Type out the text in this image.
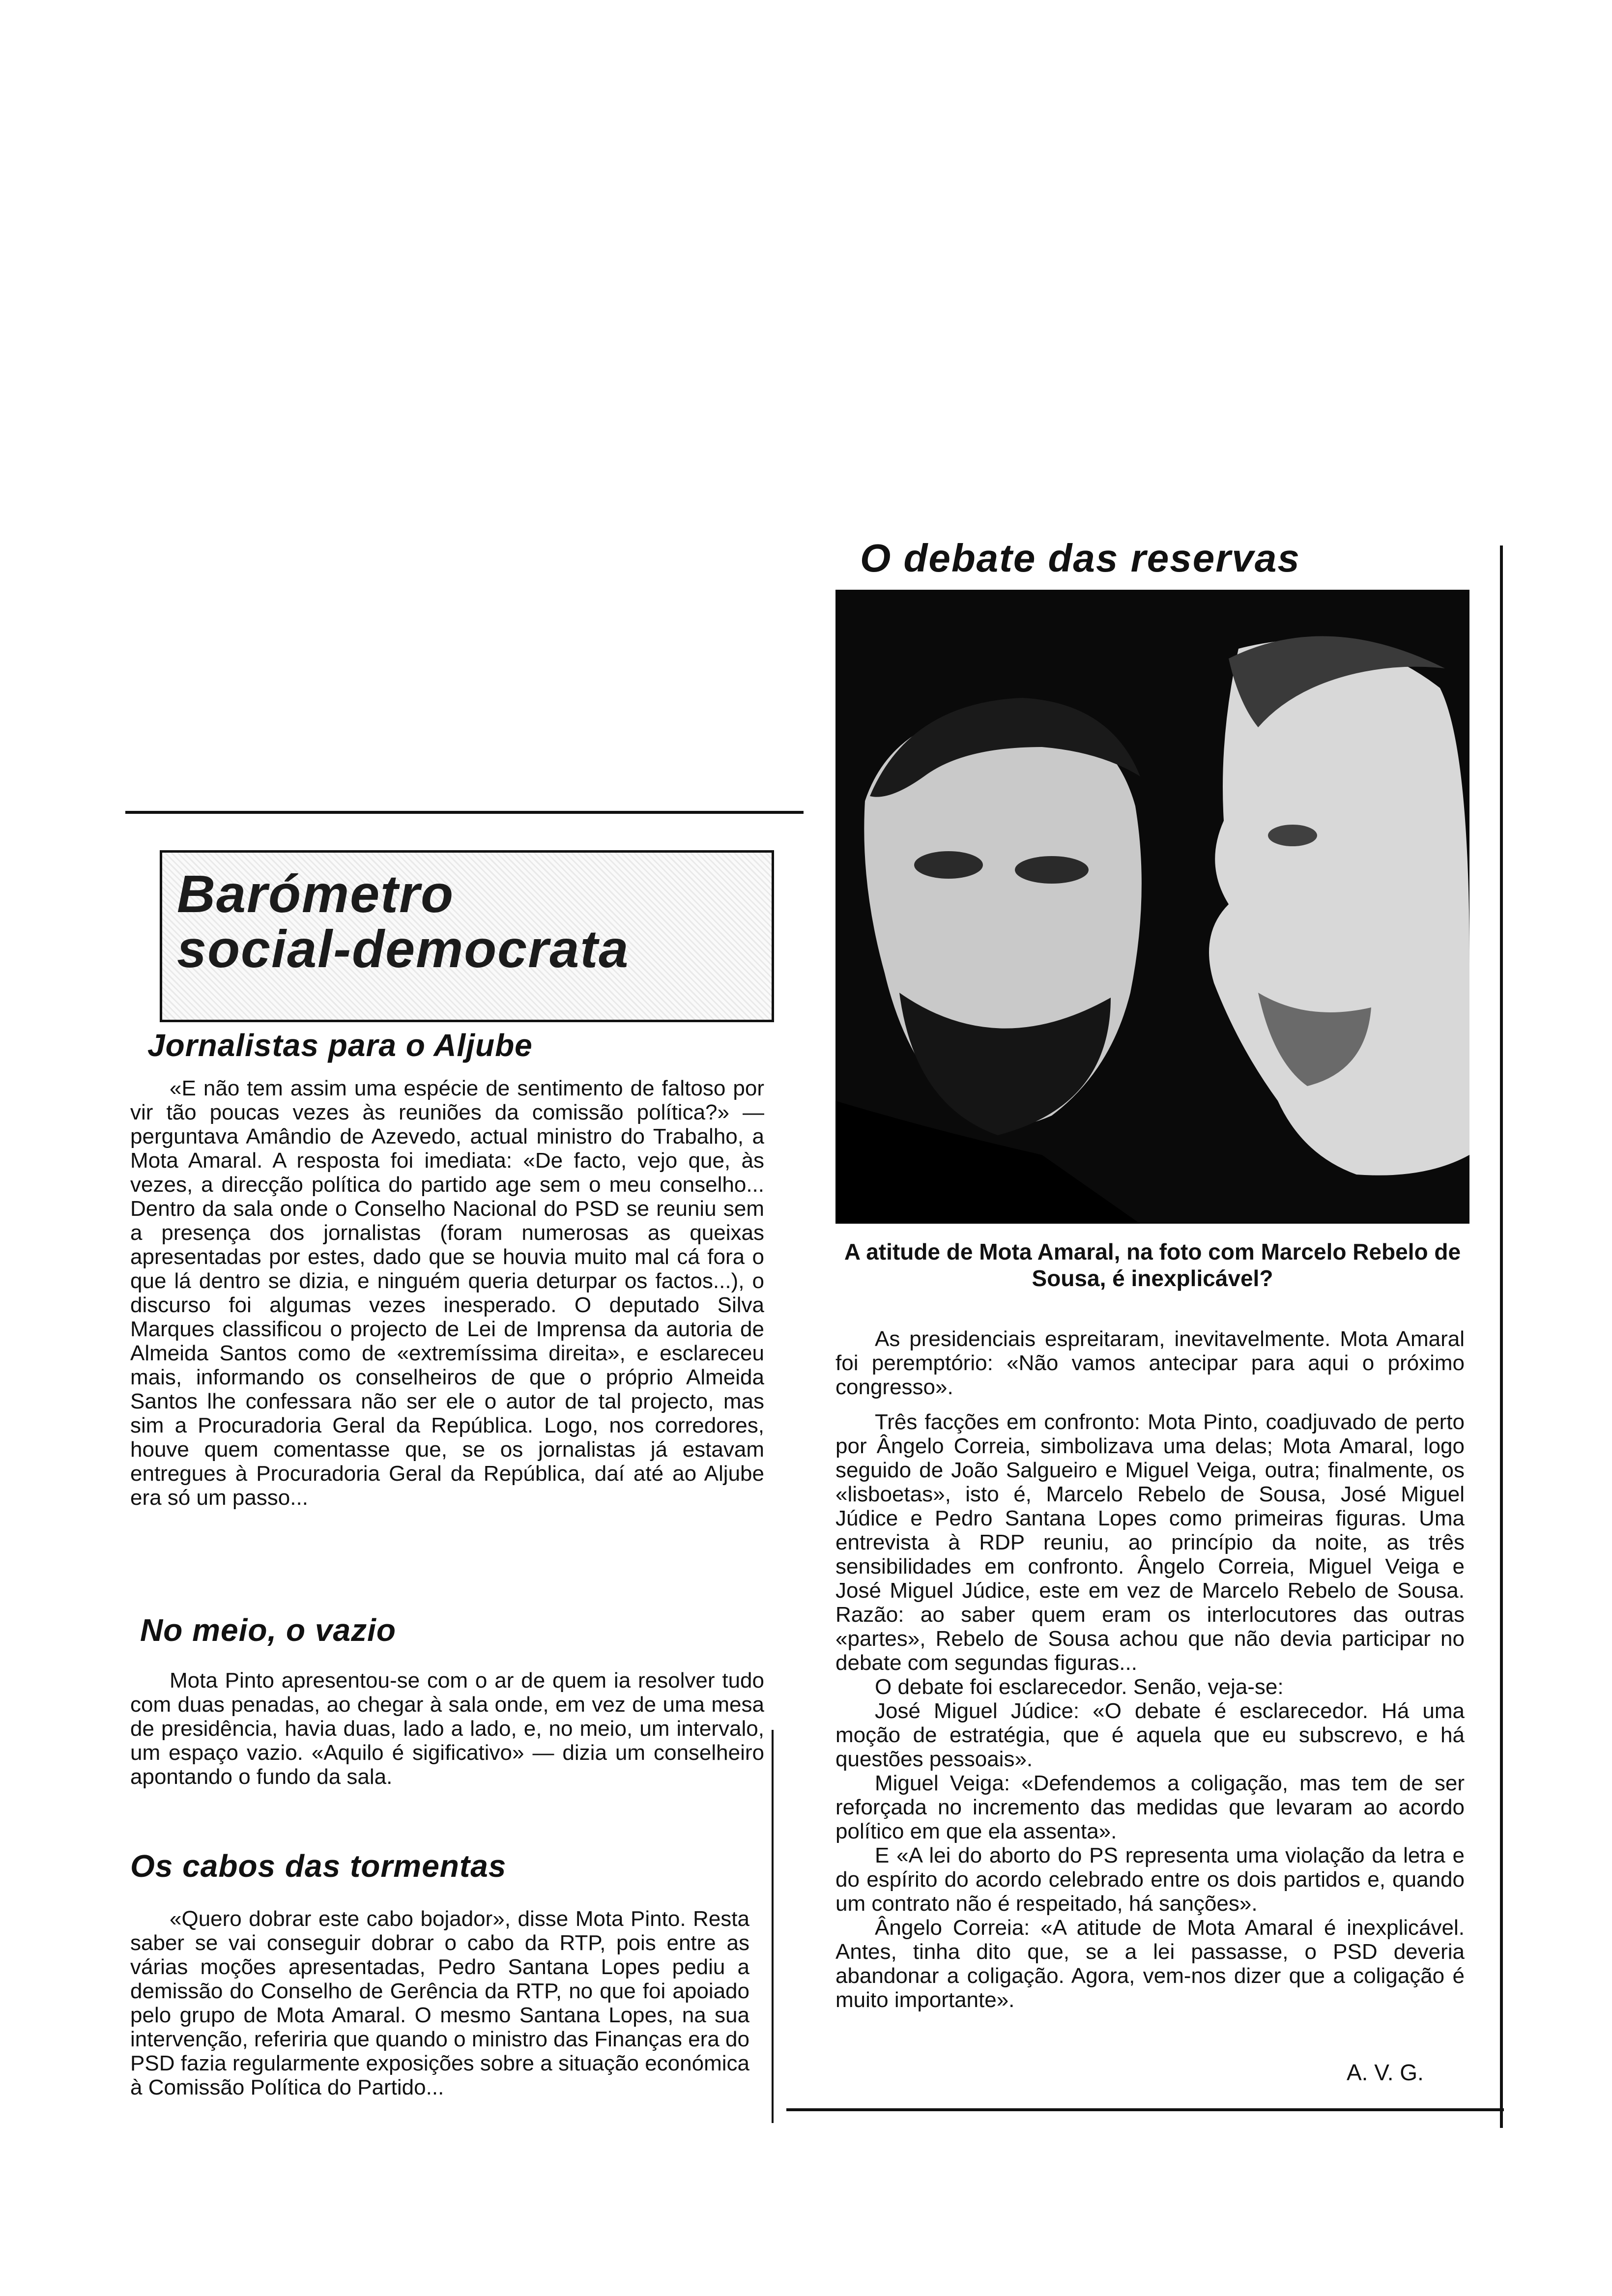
O debate das reservas
A atitude de Mota Amaral, na foto com Marcelo Rebelo de Sousa, é inexplicável?

As presidenciais espreitaram, inevitavelmente. Mota Amaral foi peremptório: «Não vamos antecipar para aqui o próximo congresso».

Três facções em confronto: Mota Pinto, coadjuvado de perto por Ângelo Correia, simbolizava uma delas; Mota Amaral, logo seguido de João Salgueiro e Miguel Veiga, outra; finalmente, os «lisboetas», isto é, Marcelo Rebelo de Sousa, José Miguel Júdice e Pedro Santana Lopes como primeiras figuras. Uma entrevista à RDP reuniu, ao princípio da noite, as três sensibilidades em confronto. Ângelo Correia, Miguel Veiga e José Miguel Júdice, este em vez de Marcelo Rebelo de Sousa. Razão: ao saber quem eram os interlocutores das outras «partes», Rebelo de Sousa achou que não devia participar no debate com segundas figuras...

O debate foi esclarecedor. Senão, veja-se:

José Miguel Júdice: «O debate é esclarecedor. Há uma moção de estratégia, que é aquela que eu subscrevo, e há questões pessoais».

Miguel Veiga: «Defendemos a coligação, mas tem de ser reforçada no incremento das medidas que levaram ao acordo político em que ela assenta».

E «A lei do aborto do PS representa uma violação da letra e do espírito do acordo celebrado entre os dois partidos e, quando um contrato não é respeitado, há sanções».

Ângelo Correia: «A atitude de Mota Amaral é inexplicável. Antes, tinha dito que, se a lei passasse, o PSD deveria abandonar a coligação. Agora, vem-nos dizer que a coligação é muito importante».

A. V. G.
Barómetro
social-democrata
Jornalistas para o Aljube

«E não tem assim uma espécie de sentimento de faltoso por vir tão poucas vezes às reuniões da comissão política?» — perguntava Amândio de Azevedo, actual ministro do Trabalho, a Mota Amaral. A resposta foi imediata: «De facto, vejo que, às vezes, a direcção política do partido age sem o meu conselho... Dentro da sala onde o Conselho Nacional do PSD se reuniu sem a presença dos jornalistas (foram numerosas as queixas apresentadas por estes, dado que se houvia muito mal cá fora o que lá dentro se dizia, e ninguém queria deturpar os factos...), o discurso foi algumas vezes inesperado. O deputado Silva Marques classificou o projecto de Lei de Imprensa da autoria de Almeida Santos como de «extremíssima direita», e esclareceu mais, informando os conselheiros de que o próprio Almeida Santos lhe confessara não ser ele o autor de tal projecto, mas sim a Procuradoria Geral da República. Logo, nos corredores, houve quem comentasse que, se os jornalistas já estavam entregues à Procuradoria Geral da República, daí até ao Aljube era só um passo...

No meio, o vazio

Mota Pinto apresentou-se com o ar de quem ia resolver tudo com duas penadas, ao chegar à sala onde, em vez de uma mesa de presidência, havia duas, lado a lado, e, no meio, um intervalo, um espaço vazio. «Aquilo é sigificativo» — dizia um conselheiro apontando o fundo da sala.

Os cabos das tormentas

«Quero dobrar este cabo bojador», disse Mota Pinto. Resta saber se vai conseguir dobrar o cabo da RTP, pois entre as várias moções apresentadas, Pedro Santana Lopes pediu a demissão do Conselho de Gerência da RTP, no que foi apoiado pelo grupo de Mota Amaral. O mesmo Santana Lopes, na sua intervenção, referiria que quando o ministro das Finanças era do PSD fazia regularmente exposições sobre a situação económica à Comissão Política do Partido...
